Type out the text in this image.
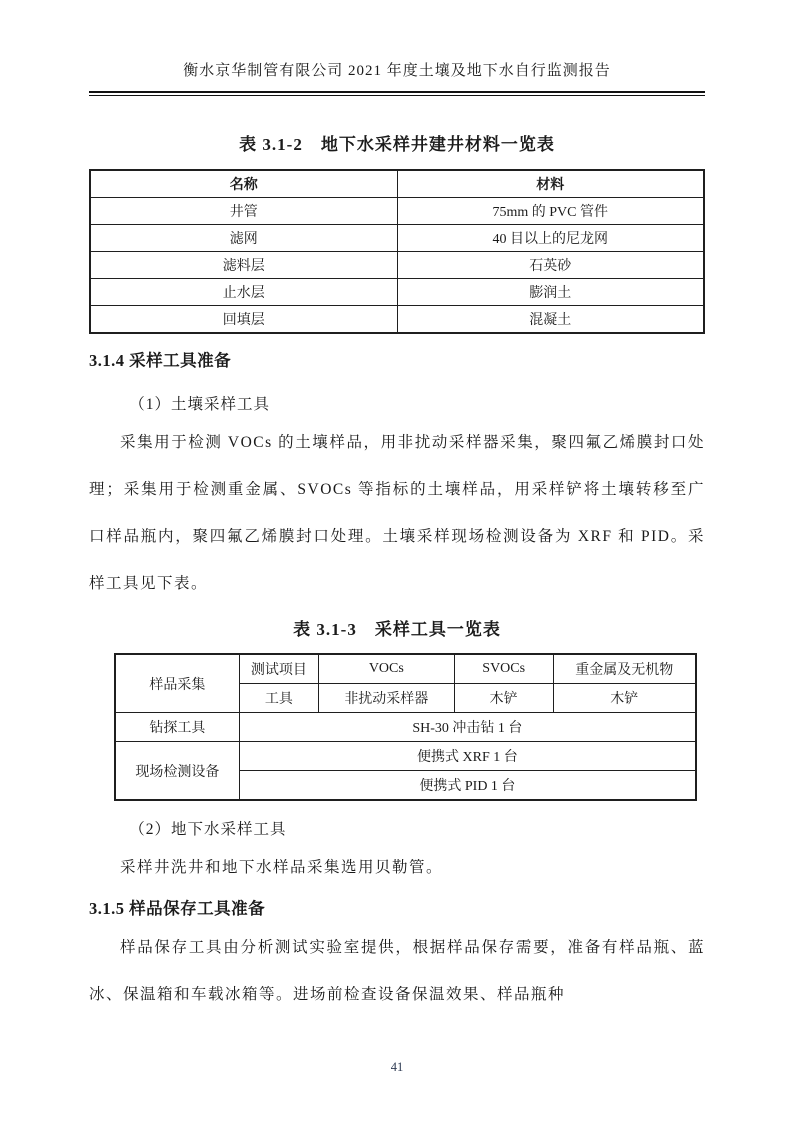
衡水京华制管有限公司 2021 年度土壤及地下水自行监测报告
表 3.1-2　地下水采样井建井材料一览表
名称	材料
井管	75mm 的 PVC 管件
滤网	40 目以上的尼龙网
滤料层	石英砂
止水层	膨润土
回填层	混凝土
3.1.4 采样工具准备
（1）土壤采样工具
采集用于检测 VOCs 的土壤样品，用非扰动采样器采集，聚四氟乙烯膜封口处理；采集用于检测重金属、SVOCs 等指标的土壤样品，用采样铲将土壤转移至广口样品瓶内，聚四氟乙烯膜封口处理。土壤采样现场检测设备为 XRF 和 PID。采样工具见下表。
表 3.1-3　采样工具一览表
样品采集	测试项目	VOCs	SVOCs	重金属及无机物
	工具	非扰动采样器	木铲	木铲
钻探工具	SH-30 冲击钻 1 台			
现场检测设备	便携式 XRF 1 台			
	便携式 PID 1 台			
（2）地下水采样工具
采样井洗井和地下水样品采集选用贝勒管。
3.1.5 样品保存工具准备
样品保存工具由分析测试实验室提供，根据样品保存需要，准备有样品瓶、蓝冰、保温箱和车载冰箱等。进场前检查设备保温效果、样品瓶种
41
